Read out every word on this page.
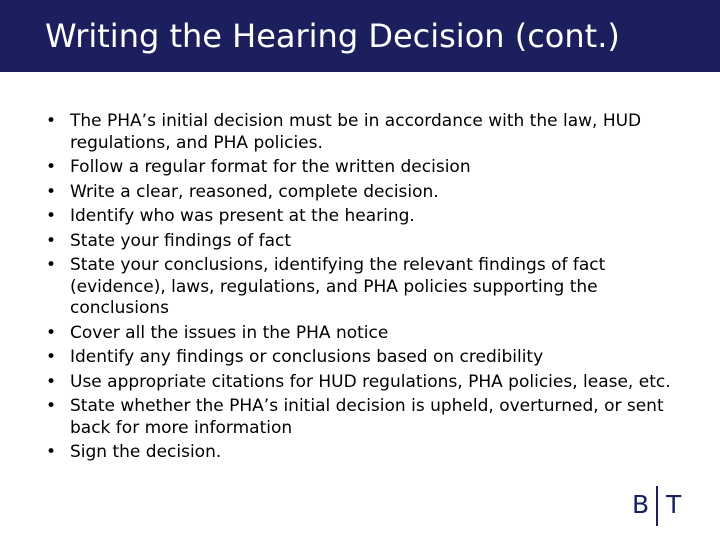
Writing the Hearing Decision (cont.)
• The PHA’s initial decision must be in accordance with the law, HUD regulations, and PHA policies.
• Follow a regular format for the written decision
• Write a clear, reasoned, complete decision.
• Identify who was present at the hearing.
• State your findings of fact
• State your conclusions, identifying the relevant findings of fact (evidence), laws, regulations, and PHA policies supporting the conclusions
• Cover all the issues in the PHA notice
• Identify any findings or conclusions based on credibility
• Use appropriate citations for HUD regulations, PHA policies, lease, etc.
• State whether the PHA’s initial decision is upheld, overturned, or sent back for more information
• Sign the decision.
B T
